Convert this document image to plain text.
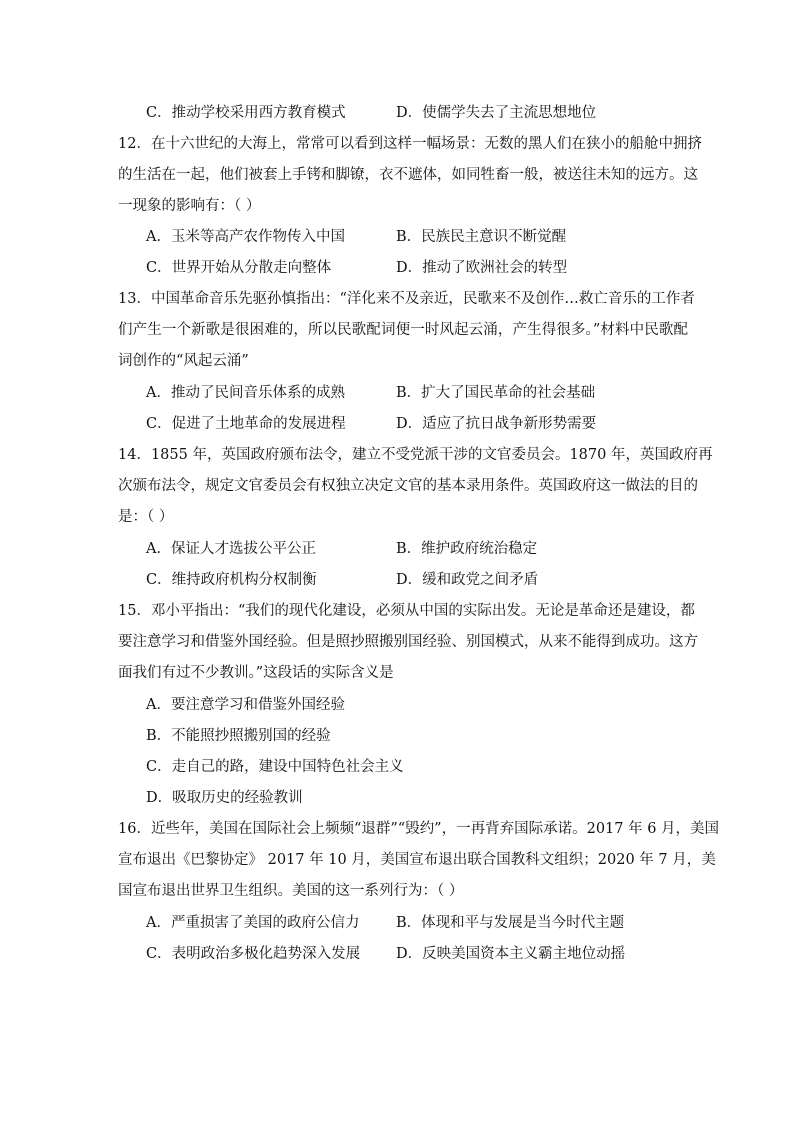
C．推动学校采用西方教育模式	D．使儒学失去了主流思想地位
12．在十六世纪的大海上，常常可以看到这样一幅场景：无数的黑人们在狭小的船舱中拥挤
的生活在一起，他们被套上手铐和脚镣，衣不遮体，如同牲畜一般，被送往未知的远方。这
一现象的影响有：（ ）
A．玉米等高产农作物传入中国	B．民族民主意识不断觉醒
C．世界开始从分散走向整体	D．推动了欧洲社会的转型
13．中国革命音乐先驱孙慎指出：“洋化来不及亲近，民歌来不及创作…救亡音乐的工作者
们产生一个新歌是很困难的，所以民歌配词便一时风起云涌，产生得很多。”材料中民歌配
词创作的“风起云涌”
A．推动了民间音乐体系的成熟	B．扩大了国民革命的社会基础
C．促进了土地革命的发展进程	D．适应了抗日战争新形势需要
14．1855 年，英国政府颁布法令，建立不受党派干涉的文官委员会。1870 年，英国政府再
次颁布法令，规定文官委员会有权独立决定文官的基本录用条件。英国政府这一做法的目的
是：（ ）
A．保证人才选拔公平公正	B．维护政府统治稳定
C．维持政府机构分权制衡	D．缓和政党之间矛盾
15．邓小平指出：“我们的现代化建设，必须从中国的实际出发。无论是革命还是建设，都
要注意学习和借鉴外国经验。但是照抄照搬别国经验、别国模式，从来不能得到成功。这方
面我们有过不少教训。”这段话的实际含义是
A．要注意学习和借鉴外国经验
B．不能照抄照搬别国的经验
C．走自己的路，建设中国特色社会主义
D．吸取历史的经验教训
16．近些年，美国在国际社会上频频“退群”“毁约”，一再背弃国际承诺。2017 年 6 月，美国
宣布退出《巴黎协定》 2017 年 10 月，美国宣布退出联合国教科文组织；2020 年 7 月，美
国宣布退出世界卫生组织。美国的这一系列行为：（ ）
A．严重损害了美国的政府公信力	B．体现和平与发展是当今时代主题
C．表明政治多极化趋势深入发展 D．反映美国资本主义霸主地位动摇
